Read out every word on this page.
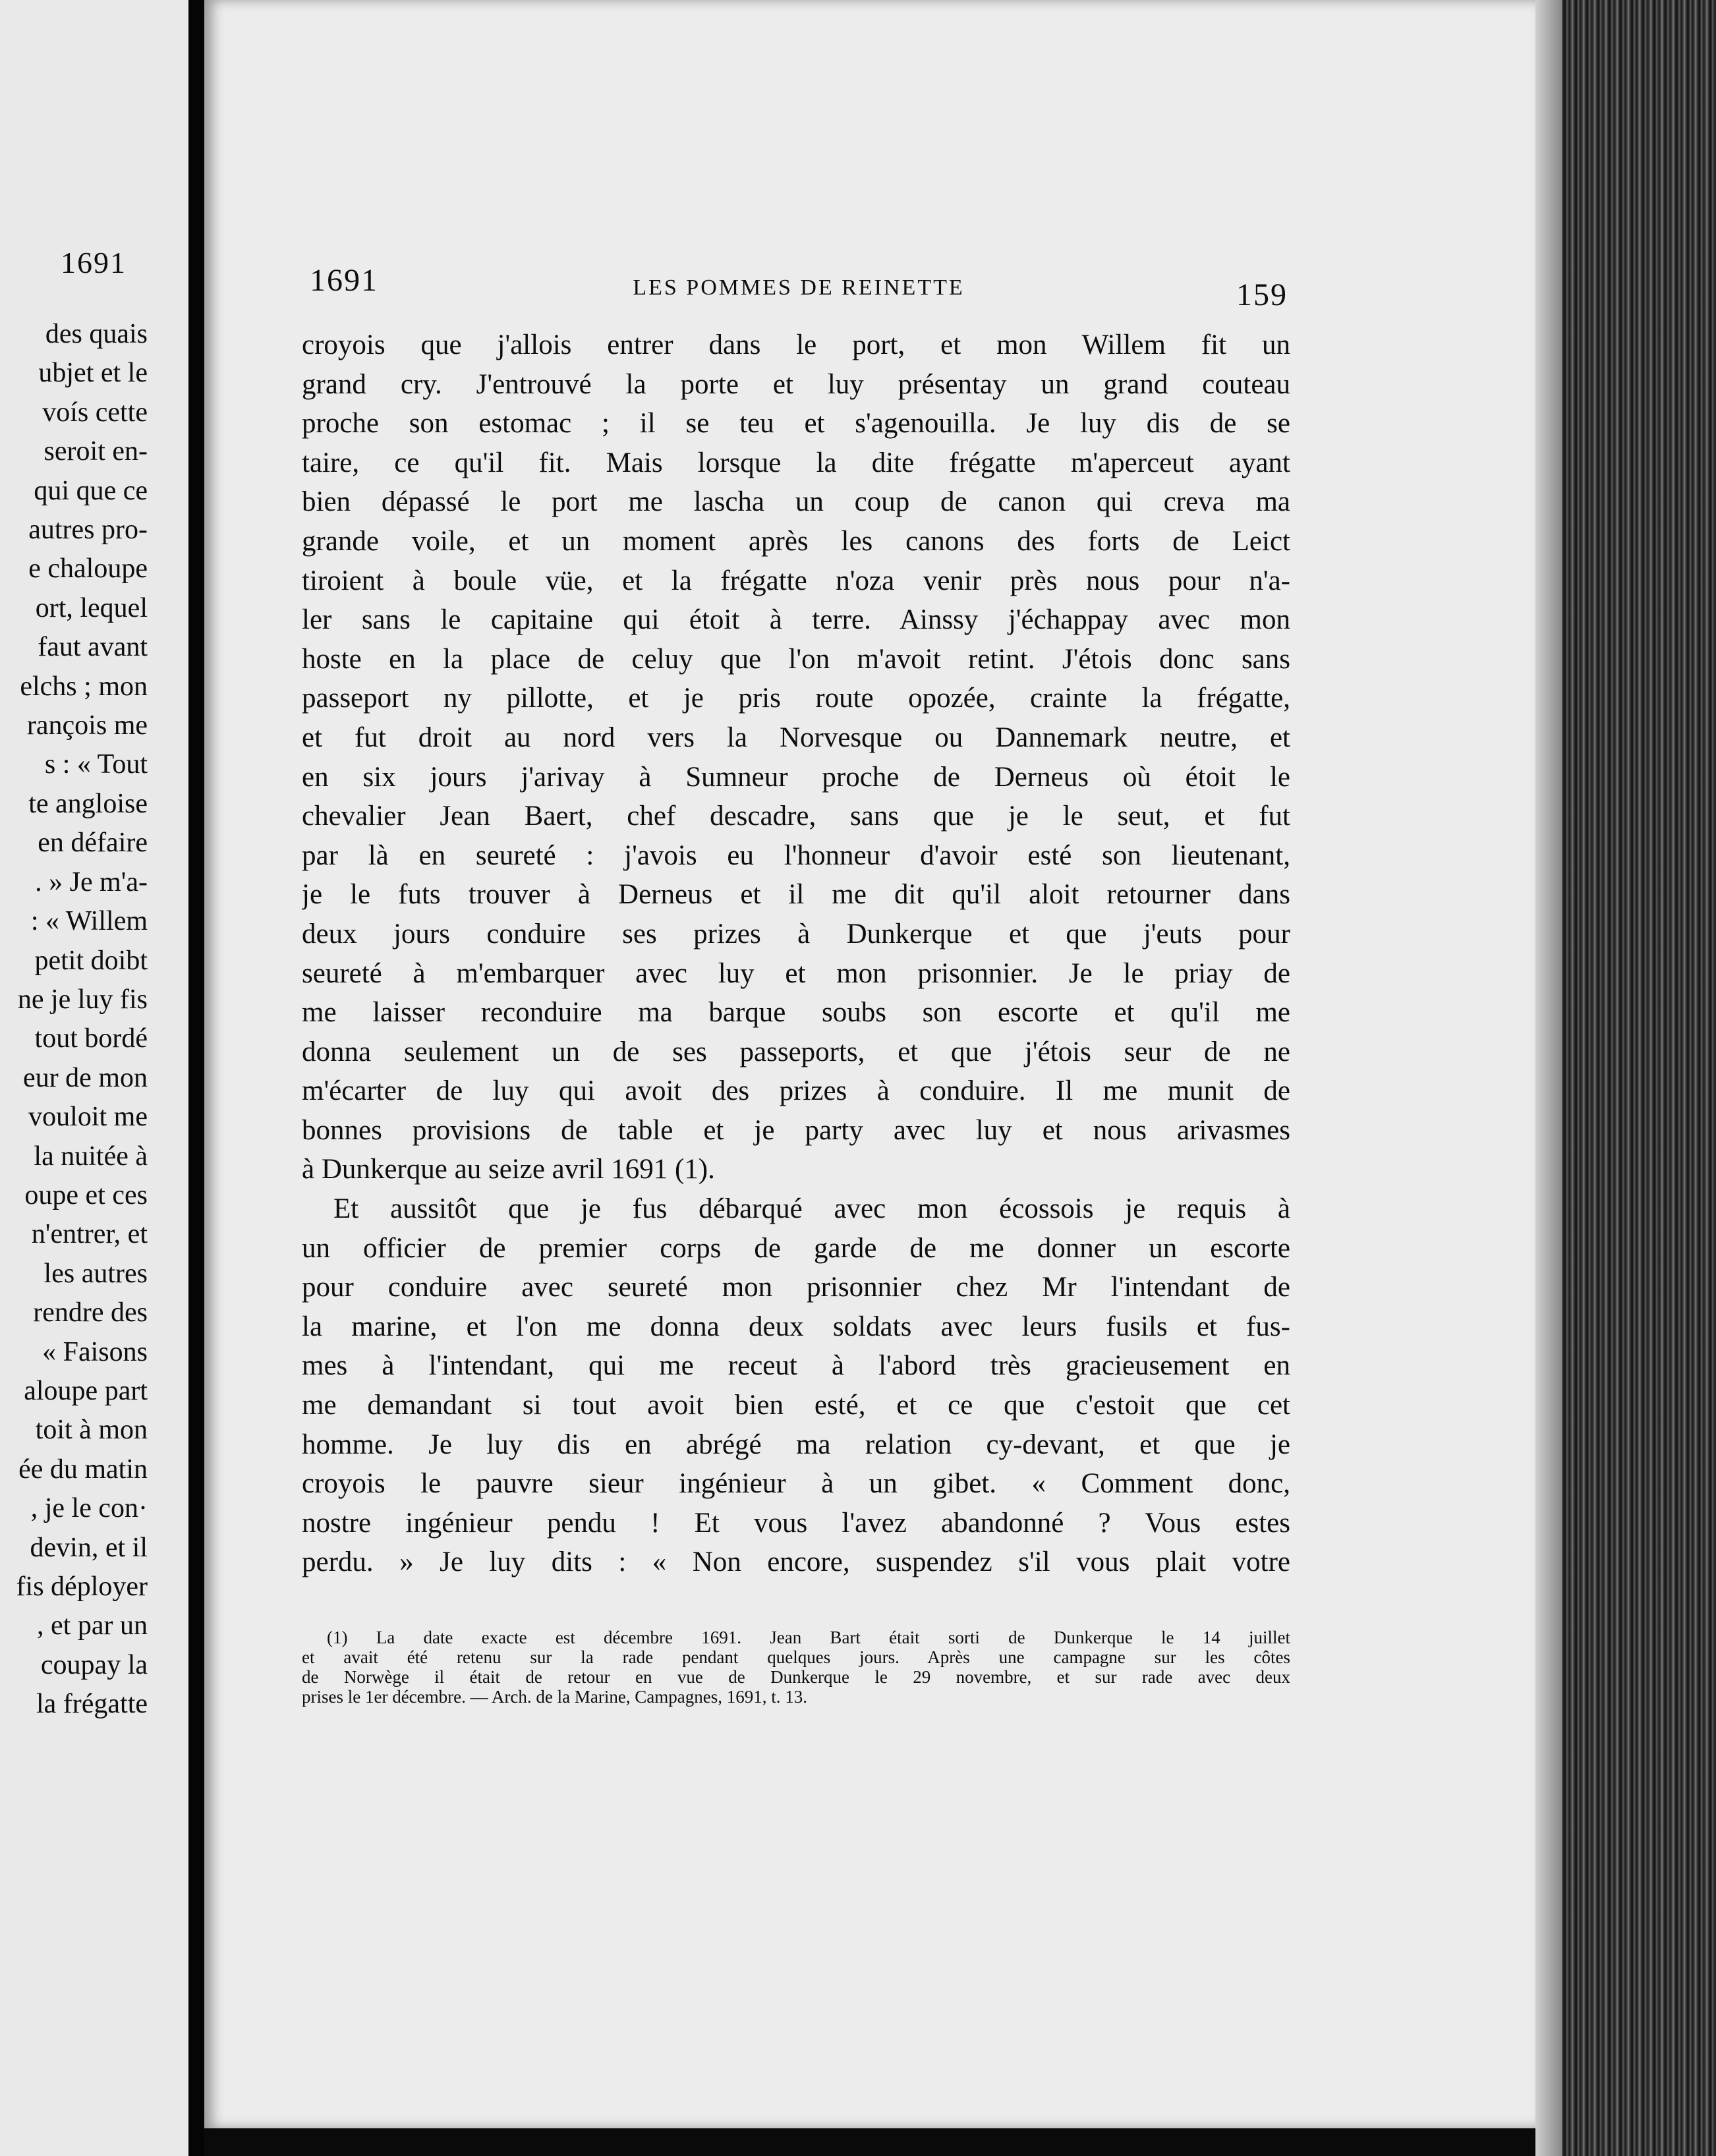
1691
des quais
ubjet et le
voís cette
seroit en-
qui que ce
autres pro-
e chaloupe
ort, lequel
faut avant
elchs ; mon
rançois me
s : « Tout
te angloise
en défaire
. » Je m'a-
: « Willem
petit doibt
ne je luy fis
tout bordé
eur de mon
vouloit me
la nuitée à
oupe et ces
n'entrer, et
les autres
rendre des
« Faisons
aloupe part
toit à mon
ée du matin
, je le con·
devin, et il
fis déployer
, et par un
coupay la
la frégatte
1691	LES POMMES DE REINETTE	159
croyois que j'allois entrer dans le port, et mon Willem fit un
grand cry. J'entrouvé la porte et luy présentay un grand couteau
proche son estomac ; il se teu et s'agenouilla. Je luy dis de se
taire, ce qu'il fit. Mais lorsque la dite frégatte m'aperceut ayant
bien dépassé le port me lascha un coup de canon qui creva ma
grande voile, et un moment après les canons des forts de Leict
tiroient à boule vüe, et la frégatte n'oza venir près nous pour n'a-
ler sans le capitaine qui étoit à terre. Ainssy j'échappay avec mon
hoste en la place de celuy que l'on m'avoit retint. J'étois donc sans
passeport ny pillotte, et je pris route opozée, crainte la frégatte,
et fut droit au nord vers la Norvesque ou Dannemark neutre, et
en six jours j'arivay à Sumneur proche de Derneus où étoit le
chevalier Jean Baert, chef descadre, sans que je le seut, et fut
par là en seureté : j'avois eu l'honneur d'avoir esté son lieutenant,
je le futs trouver à Derneus et il me dit qu'il aloit retourner dans
deux jours conduire ses prizes à Dunkerque et que j'euts pour
seureté à m'embarquer avec luy et mon prisonnier. Je le priay de
me laisser reconduire ma barque soubs son escorte et qu'il me
donna seulement un de ses passeports, et que j'étois seur de ne
m'écarter de luy qui avoit des prizes à conduire. Il me munit de
bonnes provisions de table et je party avec luy et nous arivasmes
à Dunkerque au seize avril 1691 (1).
Et aussitôt que je fus débarqué avec mon écossois je requis à
un officier de premier corps de garde de me donner un escorte
pour conduire avec seureté mon prisonnier chez Mr l'intendant de
la marine, et l'on me donna deux soldats avec leurs fusils et fus-
mes à l'intendant, qui me receut à l'abord très gracieusement en
me demandant si tout avoit bien esté, et ce que c'estoit que cet
homme. Je luy dis en abrégé ma relation cy-devant, et que je
croyois le pauvre sieur ingénieur à un gibet. « Comment donc,
nostre ingénieur pendu ! Et vous l'avez abandonné ? Vous estes
perdu. » Je luy dits : « Non encore, suspendez s'il vous plait votre
(1) La date exacte est décembre 1691. Jean Bart était sorti de Dunkerque le 14 juillet
et avait été retenu sur la rade pendant quelques jours. Après une campagne sur les côtes
de Norwège il était de retour en vue de Dunkerque le 29 novembre, et sur rade avec deux
prises le 1er décembre. — Arch. de la Marine, Campagnes, 1691, t. 13.
